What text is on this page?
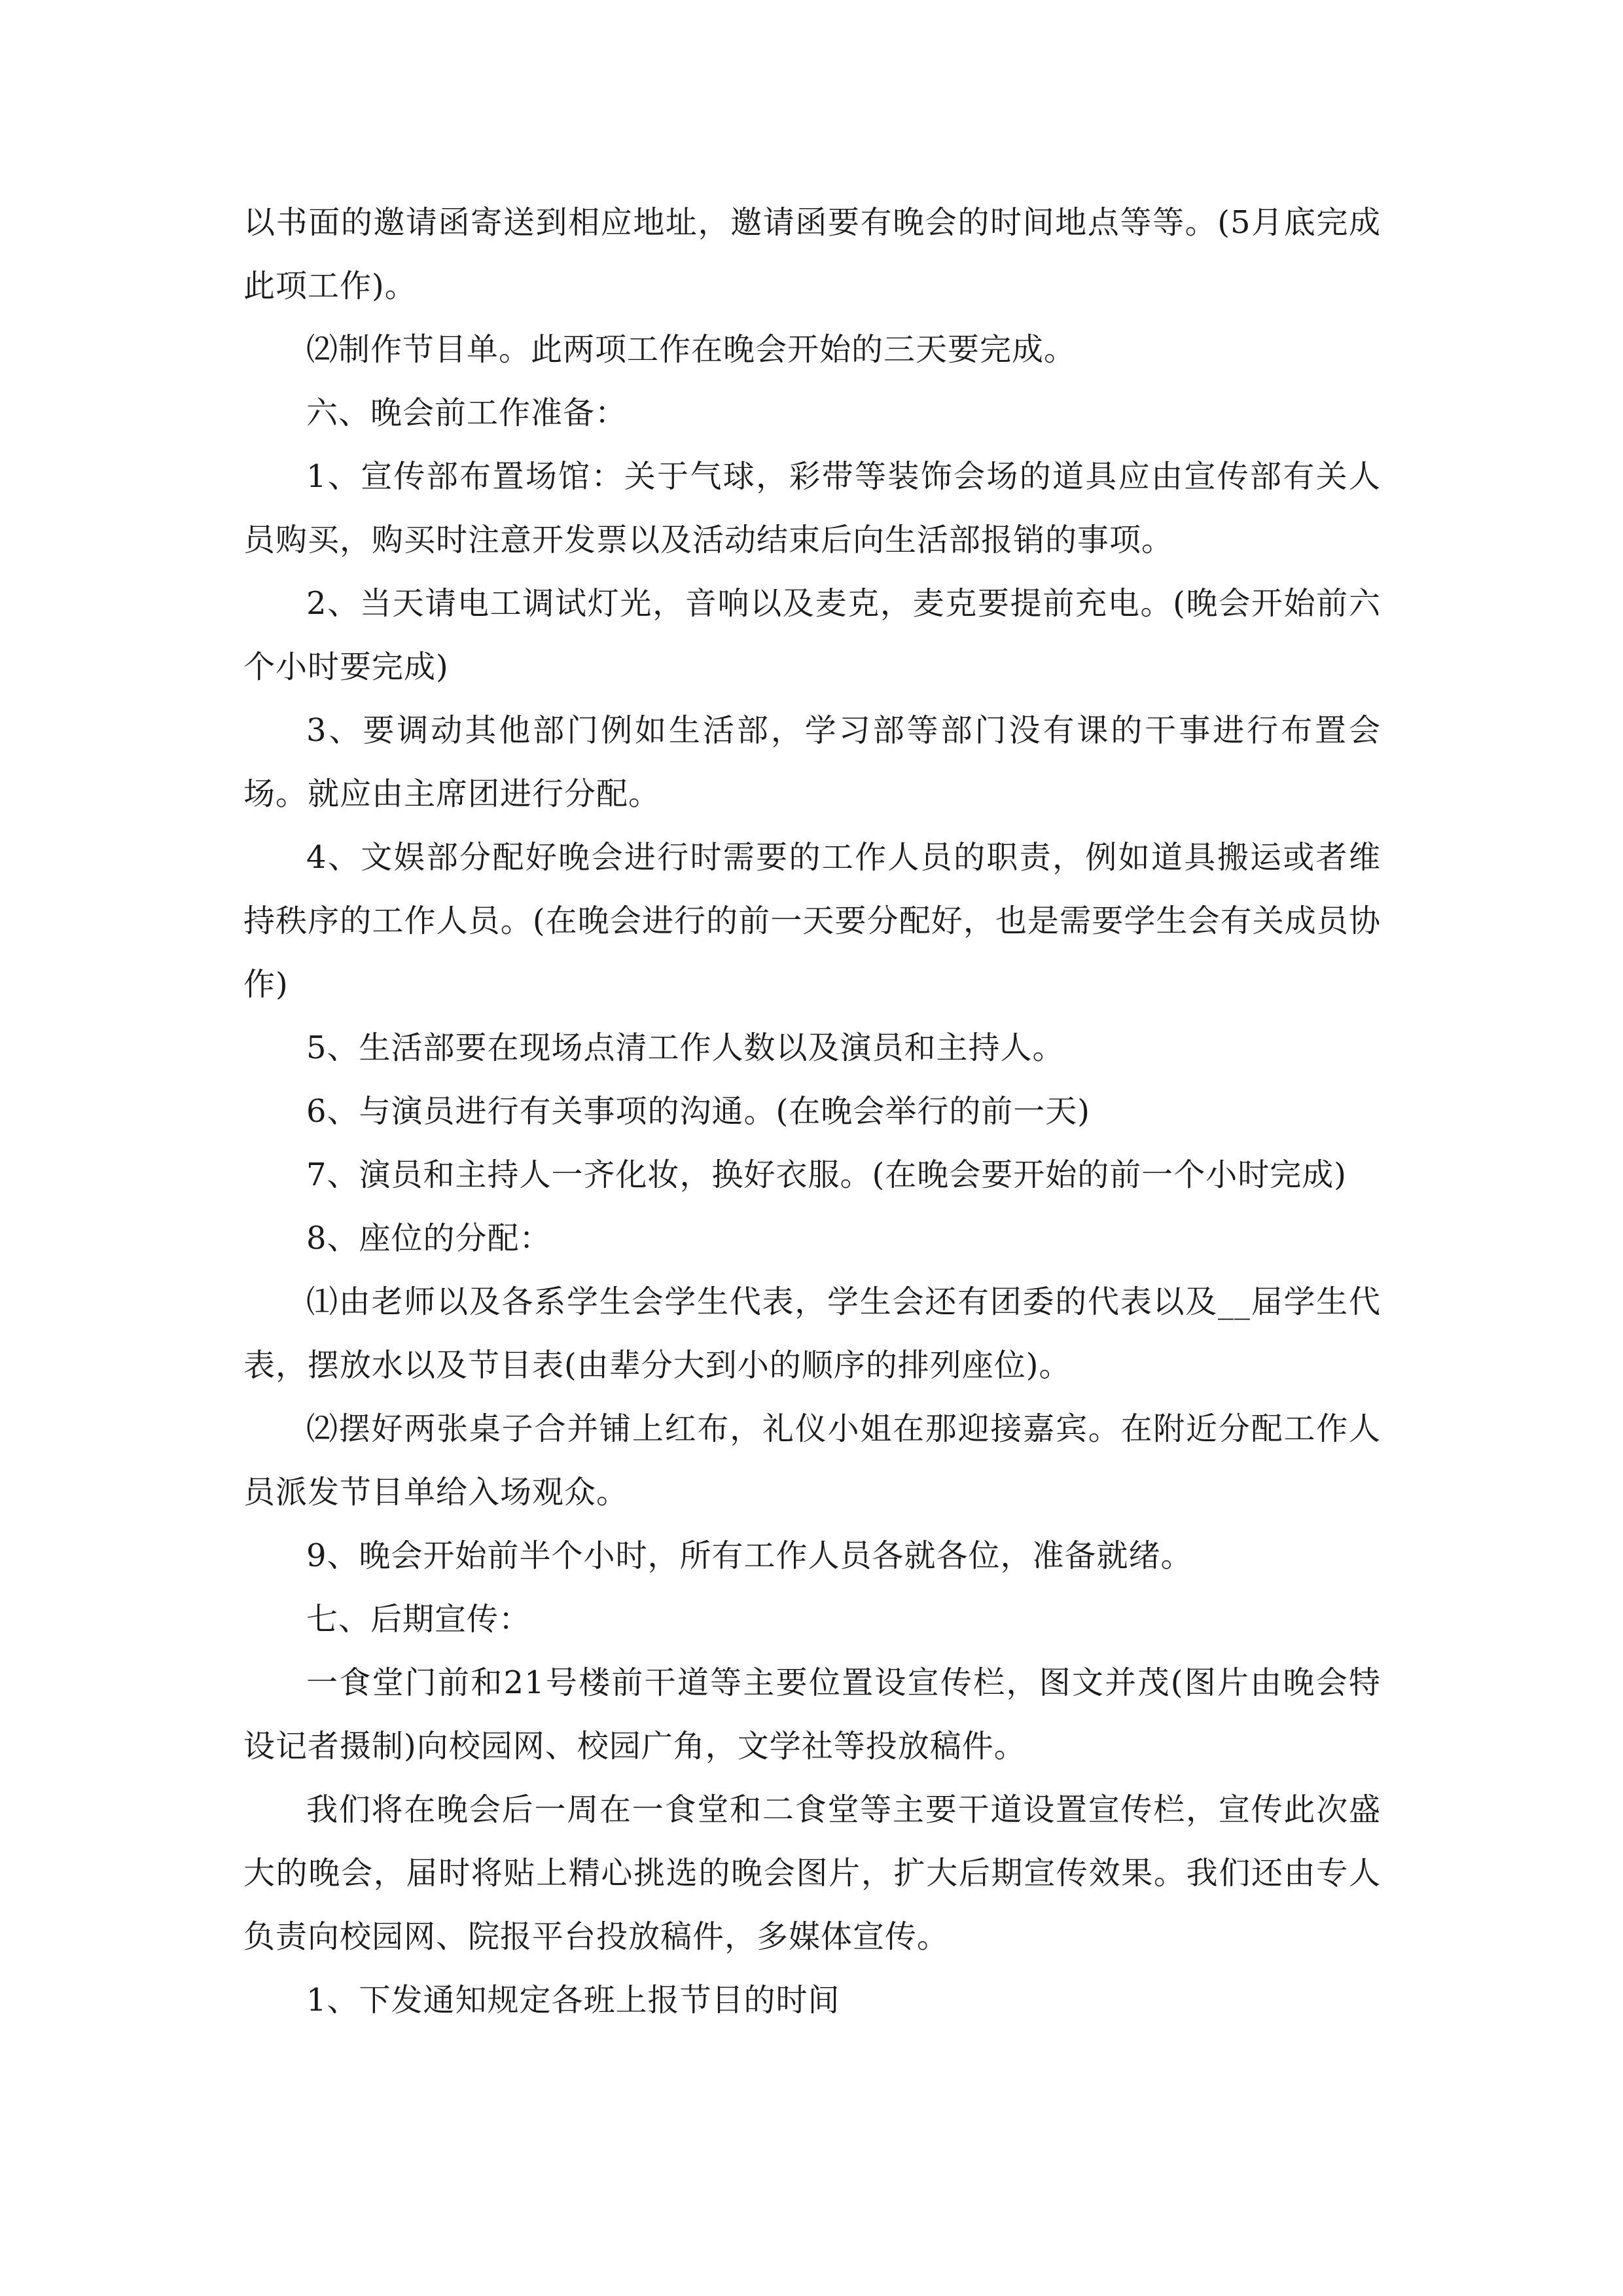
以书面的邀请函寄送到相应地址，邀请函要有晚会的时间地点等等。(5月底完成此项工作)。

⑵制作节目单。此两项工作在晚会开始的三天要完成。

六、晚会前工作准备：

1、宣传部布置场馆：关于气球，彩带等装饰会场的道具应由宣传部有关人员购买，购买时注意开发票以及活动结束后向生活部报销的事项。

2、当天请电工调试灯光，音响以及麦克，麦克要提前充电。(晚会开始前六个小时要完成)

3、要调动其他部门例如生活部，学习部等部门没有课的干事进行布置会场。就应由主席团进行分配。

4、文娱部分配好晚会进行时需要的工作人员的职责，例如道具搬运或者维持秩序的工作人员。(在晚会进行的前一天要分配好，也是需要学生会有关成员协作)

5、生活部要在现场点清工作人数以及演员和主持人。

6、与演员进行有关事项的沟通。(在晚会举行的前一天)

7、演员和主持人一齐化妆，换好衣服。(在晚会要开始的前一个小时完成)

8、座位的分配：

⑴由老师以及各系学生会学生代表，学生会还有团委的代表以及__届学生代表，摆放水以及节目表(由辈分大到小的顺序的排列座位)。

⑵摆好两张桌子合并铺上红布，礼仪小姐在那迎接嘉宾。在附近分配工作人员派发节目单给入场观众。

9、晚会开始前半个小时，所有工作人员各就各位，准备就绪。

七、后期宣传：

一食堂门前和21号楼前干道等主要位置设宣传栏，图文并茂(图片由晚会特设记者摄制)向校园网、校园广角，文学社等投放稿件。

我们将在晚会后一周在一食堂和二食堂等主要干道设置宣传栏，宣传此次盛大的晚会，届时将贴上精心挑选的晚会图片，扩大后期宣传效果。我们还由专人负责向校园网、院报平台投放稿件，多媒体宣传。

1、下发通知规定各班上报节目的时间
